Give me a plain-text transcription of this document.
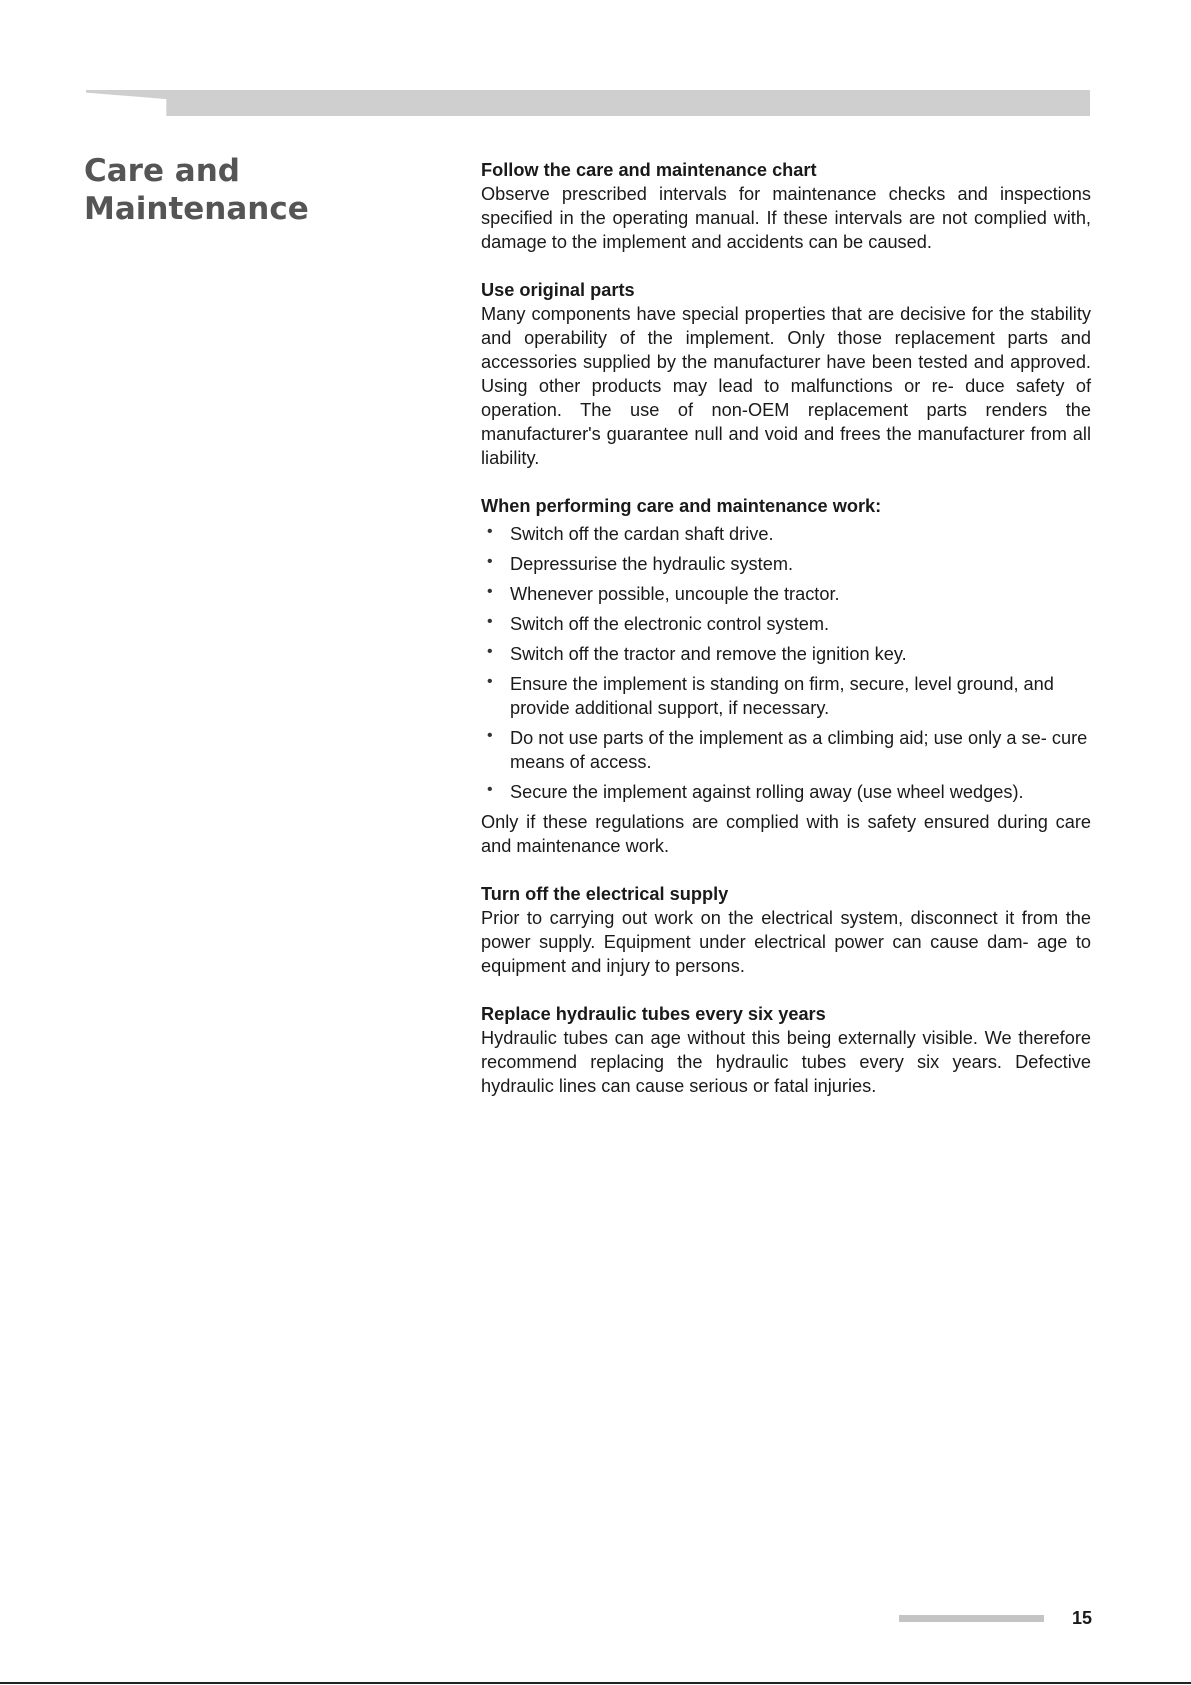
Care and Maintenance
Follow the care and maintenance chart

Observe prescribed intervals for maintenance checks and inspections specified in the operating manual. If these intervals are not complied with, damage to the implement and accidents can be caused.

Use original parts

Many components have special properties that are decisive for the stability and operability of the implement. Only those replacement parts and accessories supplied by the manufacturer have been tested and approved. Using other products may lead to malfunctions or re- duce safety of operation. The use of non-OEM replacement parts renders the manufacturer's guarantee null and void and frees the manufacturer from all liability.

When performing care and maintenance work:
• Switch off the cardan shaft drive.
• Depressurise the hydraulic system.
• Whenever possible, uncouple the tractor.
• Switch off the electronic control system.
• Switch off the tractor and remove the ignition key.
• Ensure the implement is standing on firm, secure, level ground, and provide additional support, if necessary.
• Do not use parts of the implement as a climbing aid; use only a se- cure means of access.
• Secure the implement against rolling away (use wheel wedges).

Only if these regulations are complied with is safety ensured during care and maintenance work.

Turn off the electrical supply

Prior to carrying out work on the electrical system, disconnect it from the power supply. Equipment under electrical power can cause dam- age to equipment and injury to persons.

Replace hydraulic tubes every six years

Hydraulic tubes can age without this being externally visible. We therefore recommend replacing the hydraulic tubes every six years. Defective hydraulic lines can cause serious or fatal injuries.

15
